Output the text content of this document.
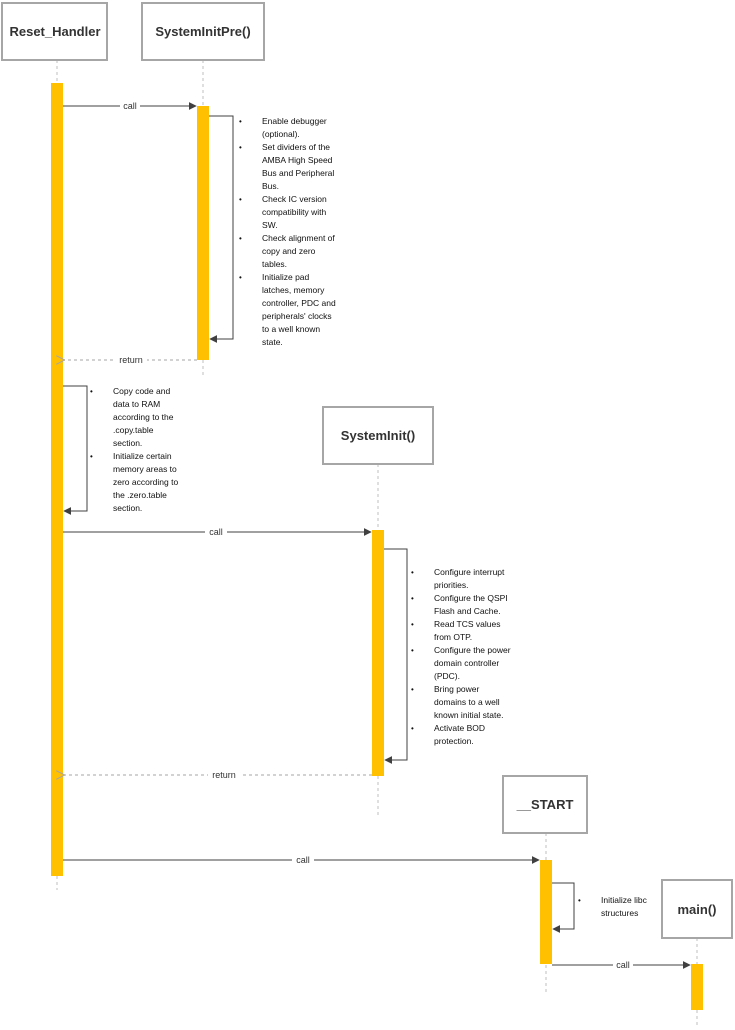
Reset_Handler	SystemInitPre()
SystemInit()
__START
main()
call
return
call
return
call
call
• Enable debugger
(optional).
• Set dividers of the
AMBA High Speed
Bus and Peripheral
Bus.
• Check IC version
compatibility with
SW.
• Check alignment of
copy and zero
tables.
• Initialize pad
latches, memory
controller, PDC and
peripherals' clocks
to a well known
state.
• Copy code and
data to RAM
according to the
.copy.table
section.
• Initialize certain
memory areas to
zero according to
the .zero.table
section.
• Configure interrupt
priorities.
• Configure the QSPI
Flash and Cache.
• Read TCS values
from OTP.
• Configure the power
domain controller
(PDC).
• Bring power
domains to a well
known initial state.
• Activate BOD
protection.
• Initialize libc
structures
